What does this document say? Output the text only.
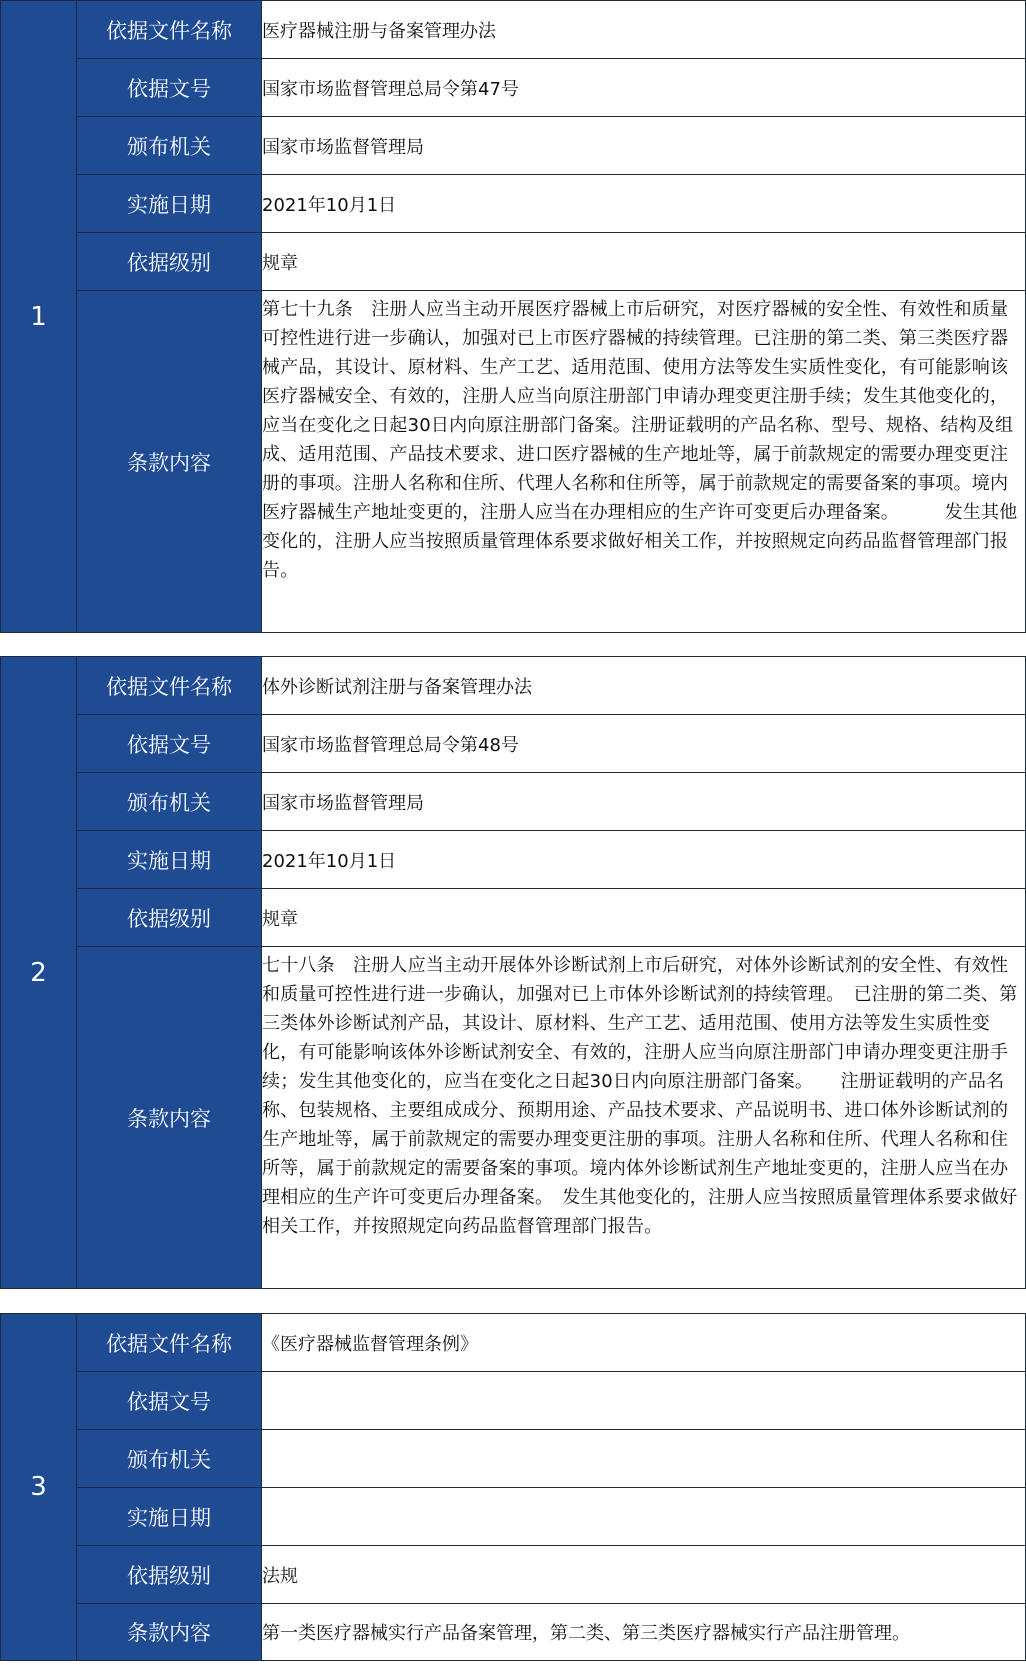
1	依据文件名称	医疗器械注册与备案管理办法
	依据文号	国家市场监督管理总局令第47号
	颁布机关	国家市场监督管理局
	实施日期	2021年10月1日
	依据级别	规章
	条款内容	第七十九条　注册人应当主动开展医疗器械上市后研究，对医疗器械的安全性、有效性和质量可控性进行进一步确认，加强对已上市医疗器械的持续管理。已注册的第二类、第三类医疗器械产品，其设计、原材料、生产工艺、适用范围、使用方法等发生实质性变化，有可能影响该医疗器械安全、有效的，注册人应当向原注册部门申请办理变更注册手续；发生其他变化的，应当在变化之日起30日内向原注册部门备案。注册证载明的产品名称、型号、规格、结构及组成、适用范围、产品技术要求、进口医疗器械的生产地址等，属于前款规定的需要办理变更注册的事项。注册人名称和住所、代理人名称和住所等，属于前款规定的需要备案的事项。境内医疗器械生产地址变更的，注册人应当在办理相应的生产许可变更后办理备案。　　　发生其他变化的，注册人应当按照质量管理体系要求做好相关工作，并按照规定向药品监督管理部门报告。
2	依据文件名称	体外诊断试剂注册与备案管理办法
	依据文号	国家市场监督管理总局令第48号
	颁布机关	国家市场监督管理局
	实施日期	2021年10月1日
	依据级别	规章
	条款内容	七十八条　注册人应当主动开展体外诊断试剂上市后研究，对体外诊断试剂的安全性、有效性和质量可控性进行进一步确认，加强对已上市体外诊断试剂的持续管理。　已注册的第二类、第三类体外诊断试剂产品，其设计、原材料、生产工艺、适用范围、使用方法等发生实质性变化，有可能影响该体外诊断试剂安全、有效的，注册人应当向原注册部门申请办理变更注册手续；发生其他变化的，应当在变化之日起30日内向原注册部门备案。　　注册证载明的产品名称、包装规格、主要组成成分、预期用途、产品技术要求、产品说明书、进口体外诊断试剂的生产地址等，属于前款规定的需要办理变更注册的事项。注册人名称和住所、代理人名称和住所等，属于前款规定的需要备案的事项。境内体外诊断试剂生产地址变更的，注册人应当在办理相应的生产许可变更后办理备案。　发生其他变化的，注册人应当按照质量管理体系要求做好相关工作，并按照规定向药品监督管理部门报告。
3	依据文件名称	《医疗器械监督管理条例》
	依据文号	
	颁布机关	
	实施日期	
	依据级别	法规
	条款内容	第一类医疗器械实行产品备案管理，第二类、第三类医疗器械实行产品注册管理。
